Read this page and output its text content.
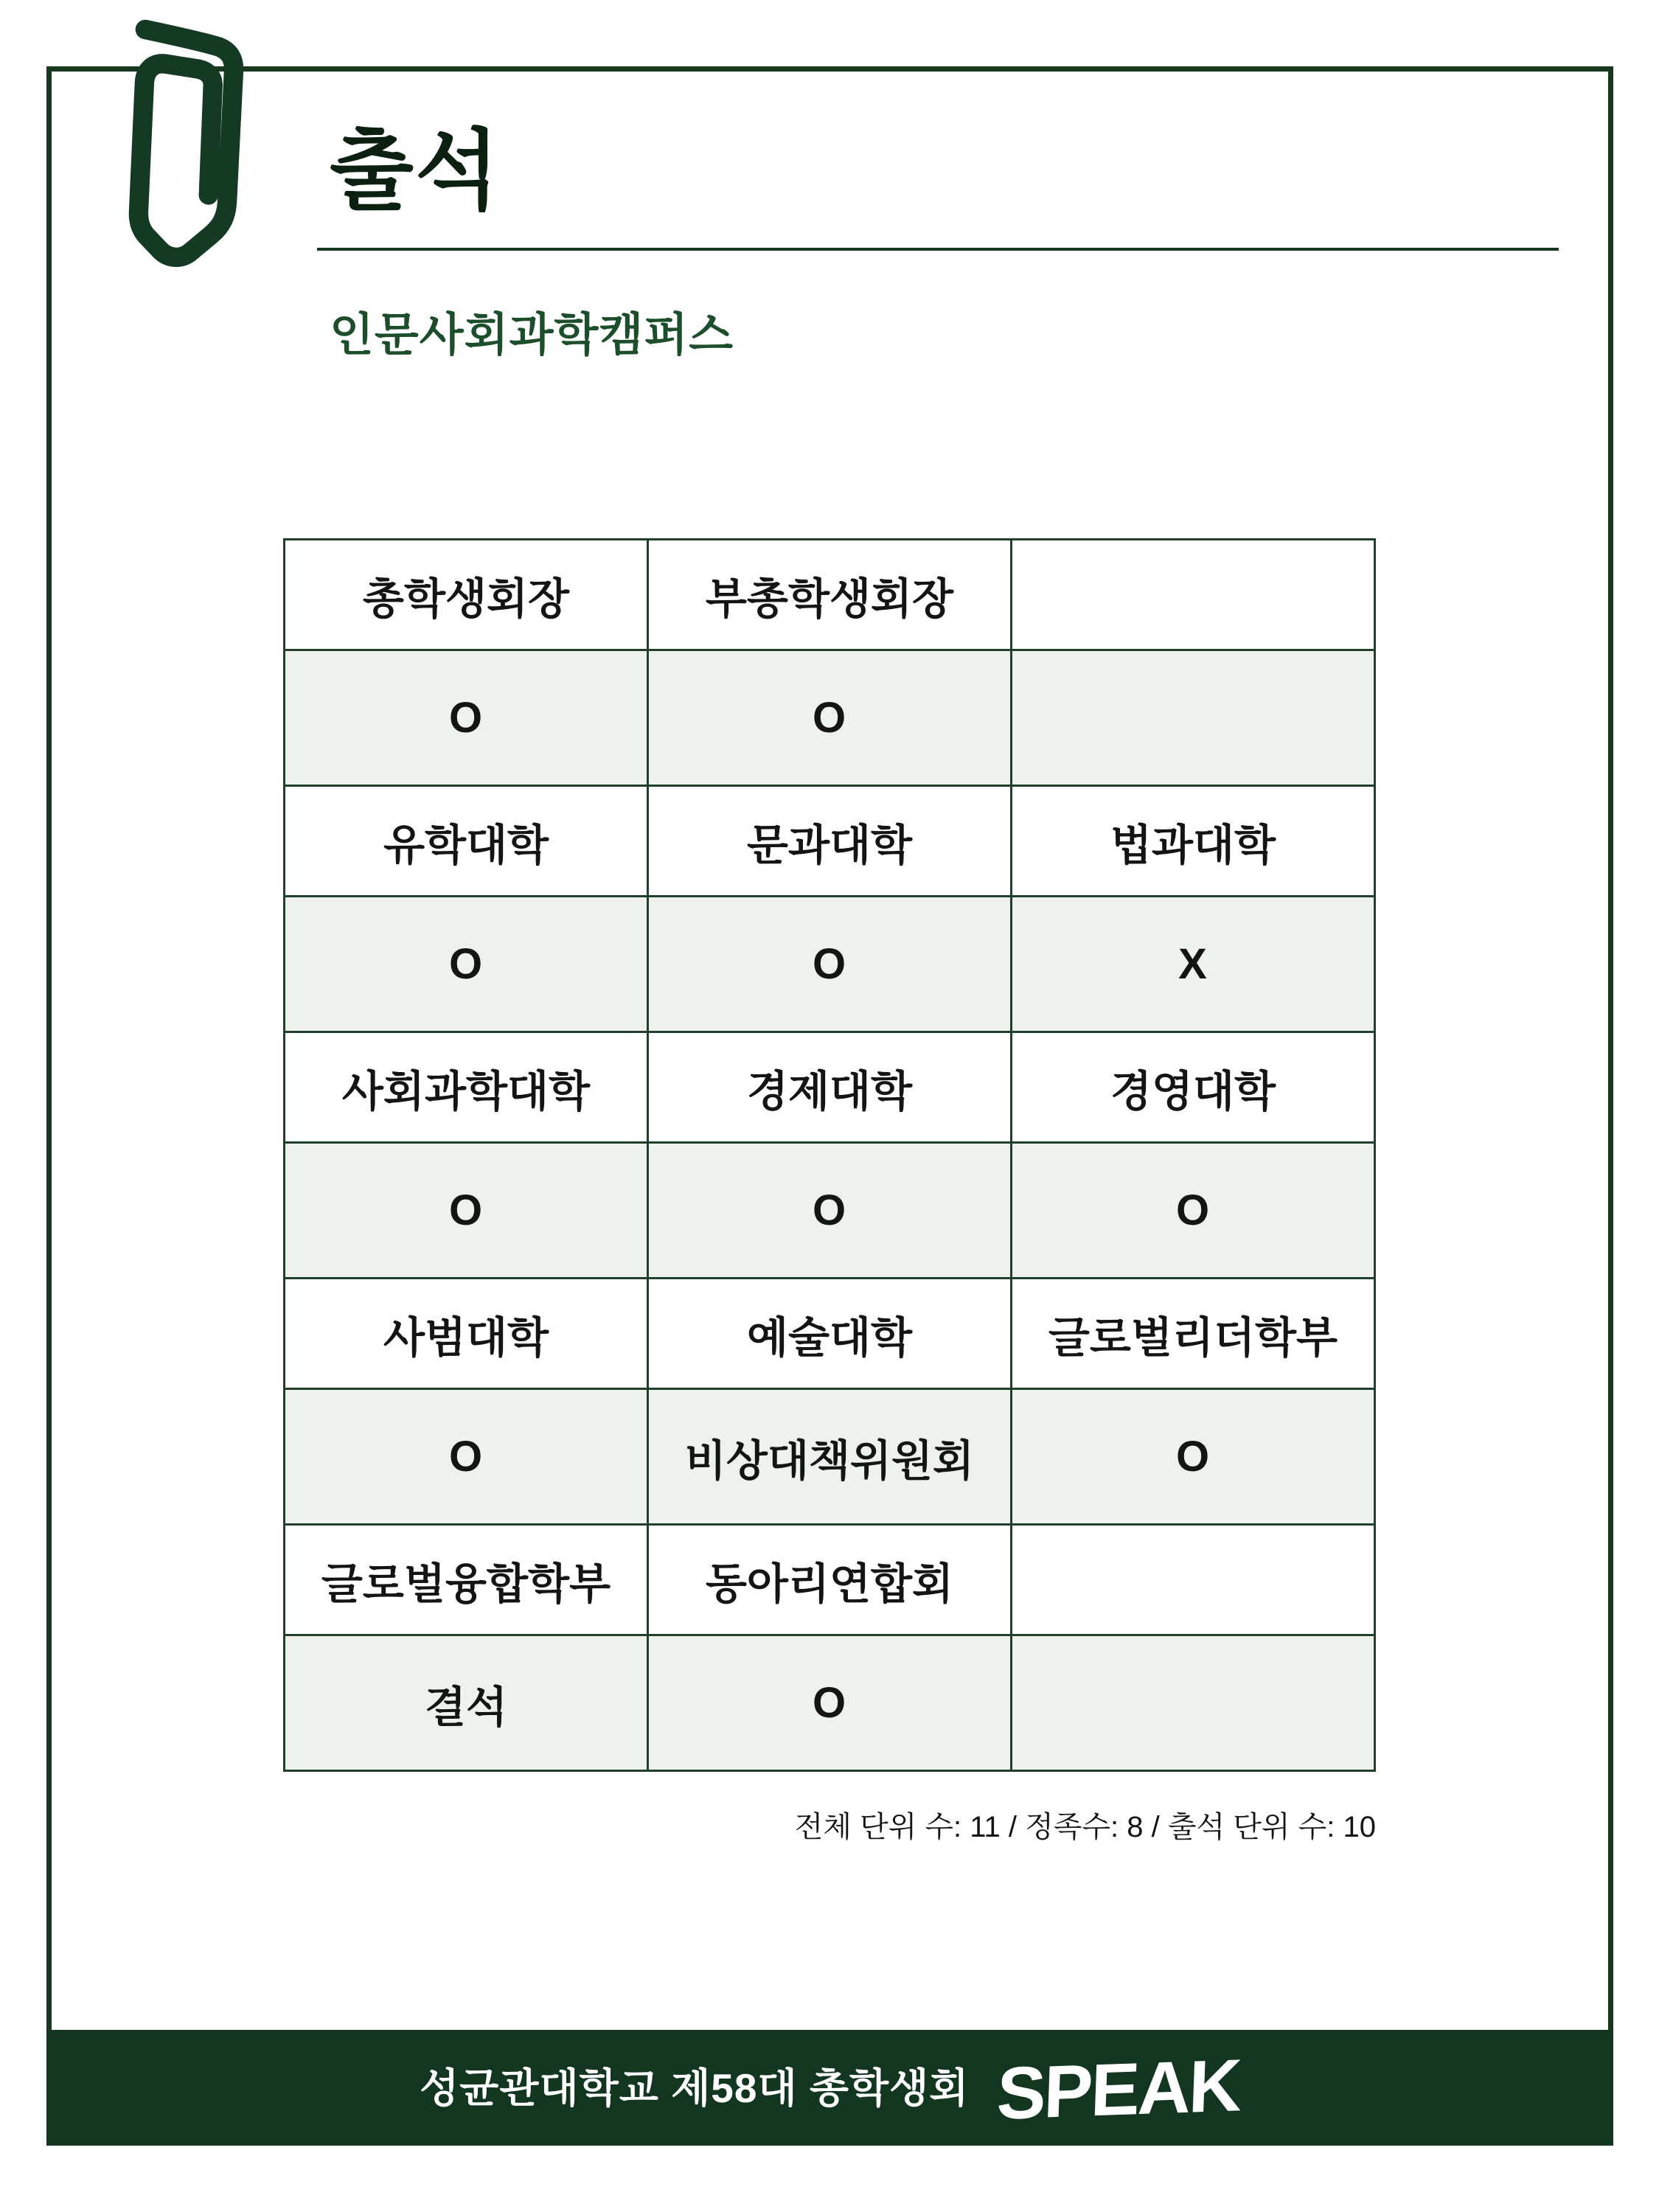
출석
인문사회과학캠퍼스
총학생회장	부총학생회장	
O	O	
유학대학	문과대학	법과대학
O	O	X
사회과학대학	경제대학	경영대학
O	O	O
사범대학	예술대학	글로벌리더학부
O	비상대책위원회	O
글로벌융합학부	동아리연합회	
결석	O	
전체 단위 수: 11 / 정족수: 8 / 출석 단위 수: 10
성균관대학교 제58대 총학생회 SPEAK
